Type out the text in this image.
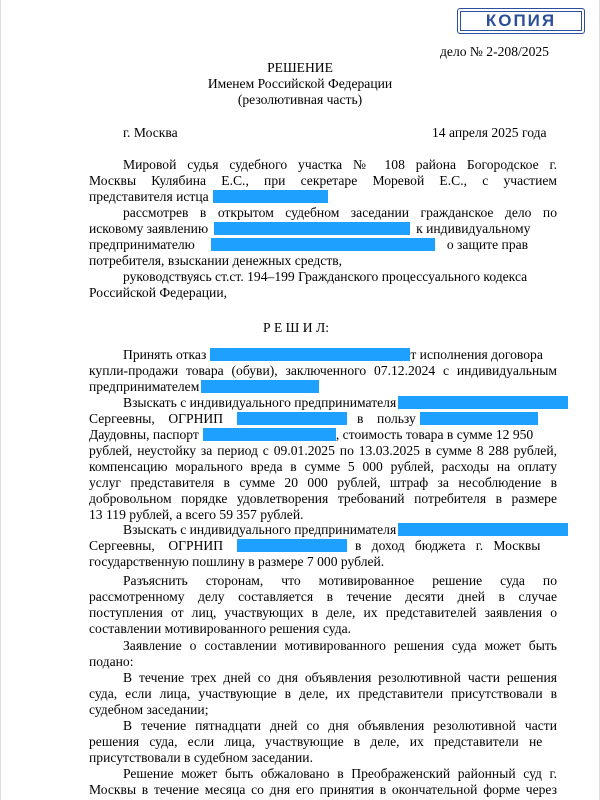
КОПИЯ
дело № 2-208/2025
РЕШЕНИЕ
Именем Российской Федерации
(резолютивная часть)
г. Москва	14 апреля 2025 года
Мировой судья судебного участка № 108 района Богородское г.
Москвы Кулябина Е.С., при секретаре Моревой Е.С., с участием
представителя истца
рассмотрев в открытом судебном заседании гражданское дело по
исковому заявлению	к индивидуальному
предпринимателю	о защите прав
потребителя, взыскании денежных средств,
руководствуясь ст.ст. 194–199 Гражданского процессуального кодекса
Российской Федерации,
Р Е Ш И Л:
Принять отказ	т исполнения договора
купли-продажи товара (обуви), заключенного 07.12.2024 с индивидуальным
предпринимателем
Взыскать с индивидуального предпринимателя
Сергеевны,    ОГРНИП	в    пользу
Даудовны, паспорт	, стоимость товара в сумме 12 950
рублей, неустойку за период с 09.01.2025 по 13.03.2025 в сумме 8 288 рублей,
компенсацию морального вреда в сумме 5 000 рублей, расходы на оплату
услуг представителя в сумме 20 000 рублей, штраф за несоблюдение в
добровольном порядке удовлетворения требований потребителя в размере
13 119 рублей, а всего 59 357 рублей.
Взыскать с индивидуального предпринимателя
Сергеевны,    ОГРНИП	в   доход   бюджета   г.   Москвы
государственную пошлину в размере 7 000 рублей.
Разъяснить сторонам, что мотивированное решение суда по
рассмотренному делу составляется в течение десяти дней в случае
поступления от лиц, участвующих в деле, их представителей заявления о
составлении мотивированного решения суда.
Заявление о составлении мотивированного решения суда может быть
подано:
В течение трех дней со дня объявления резолютивной части решения
суда, если лица, участвующие в деле, их представители присутствовали в
судебном заседании;
В течение пятнадцати дней со дня объявления резолютивной части
решения   суда,   если   лица,   участвующие   в   деле,   их   представители   не
присутствовали в судебном заседании.
Решение может быть обжаловано в Преображенский районный суд г.
Москвы в течение месяца со дня его принятия в окончательной форме через
